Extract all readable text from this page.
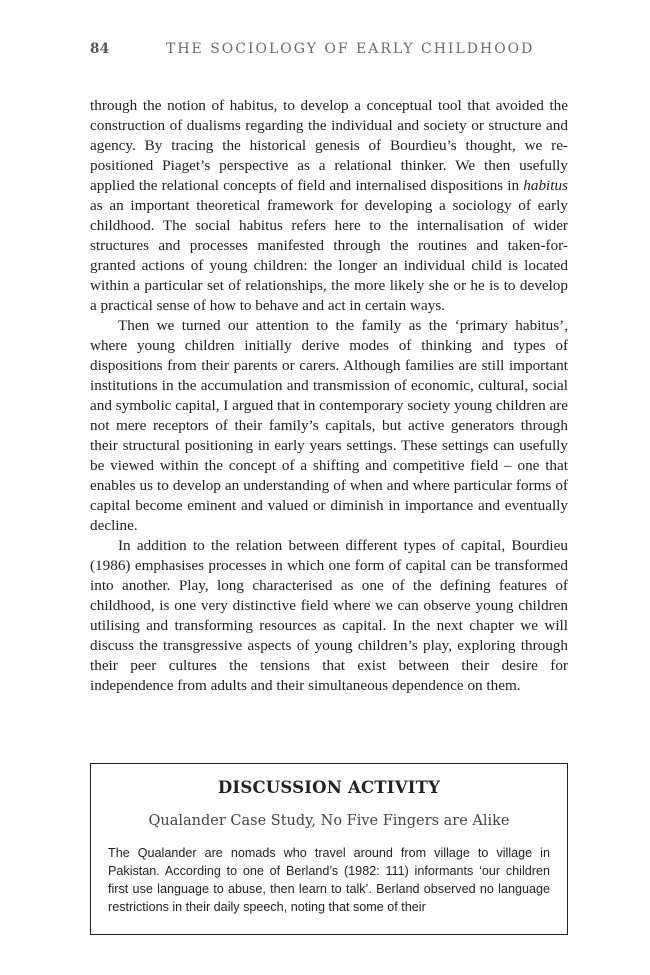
84	THE SOCIOLOGY OF EARLY CHILDHOOD

through the notion of habitus, to develop a conceptual tool that avoided the construction of dualisms regarding the individual and society or structure and agency. By tracing the historical genesis of Bourdieu’s thought, we re-positioned Piaget’s perspective as a relational thinker. We then usefully applied the relational concepts of field and internalised dispositions in habitus as an important theoretical framework for developing a sociology of early childhood. The social habitus refers here to the internalisation of wider structures and processes manifested through the routines and taken-for-granted actions of young children: the longer an individual child is located within a particular set of relationships, the more likely she or he is to develop a practical sense of how to behave and act in certain ways.

Then we turned our attention to the family as the ‘primary habitus’, where young children initially derive modes of thinking and types of dispositions from their parents or carers. Although families are still important institutions in the accumulation and transmission of economic, cultural, social and symbolic capital, I argued that in contemporary society young children are not mere receptors of their family’s capitals, but active generators through their structural positioning in early years settings. These settings can usefully be viewed within the concept of a shifting and competitive field – one that enables us to develop an understanding of when and where particular forms of capital become eminent and valued or diminish in importance and eventually decline.

In addition to the relation between different types of capital, Bourdieu (1986) emphasises processes in which one form of capital can be transformed into another. Play, long characterised as one of the defining features of childhood, is one very distinctive field where we can observe young children utilising and transforming resources as capital. In the next chapter we will discuss the transgressive aspects of young children’s play, exploring through their peer cultures the tensions that exist between their desire for independence from adults and their simultaneous dependence on them.

DISCUSSION ACTIVITY
Qualander Case Study, No Five Fingers are Alike
The Qualander are nomads who travel around from village to village in Pakistan. According to one of Berland’s (1982: 111) informants ‘our children first use language to abuse, then learn to talk’. Berland observed no language restrictions in their daily speech, noting that some of their
